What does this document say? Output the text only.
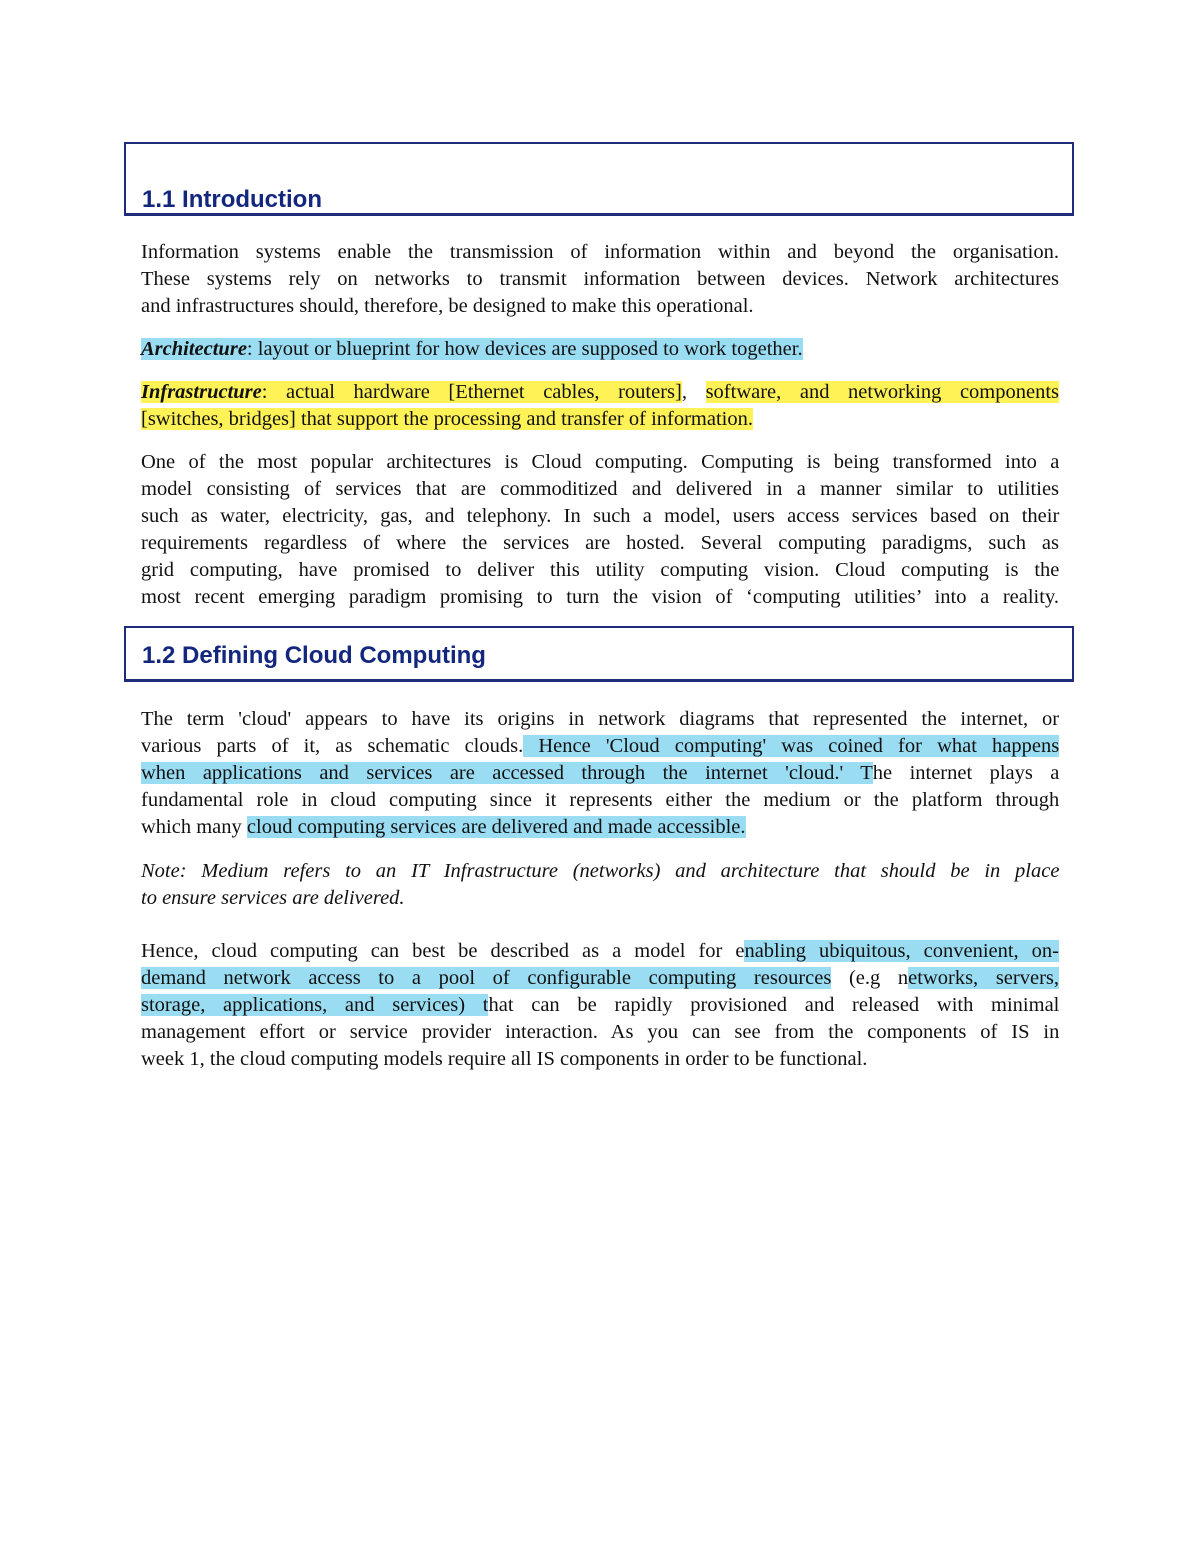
1.1 Introduction

Information systems enable the transmission of information within and beyond the organisation.
These systems rely on networks to transmit information between devices. Network architectures
and infrastructures should, therefore, be designed to make this operational.

Architecture: layout or blueprint for how devices are supposed to work together.

Infrastructure: actual hardware [Ethernet cables, routers], software, and networking components
[switches, bridges] that support the processing and transfer of information.

One of the most popular architectures is Cloud computing. Computing is being transformed into a
model consisting of services that are commoditized and delivered in a manner similar to utilities
such as water, electricity, gas, and telephony. In such a model, users access services based on their
requirements regardless of where the services are hosted. Several computing paradigms, such as
grid computing, have promised to deliver this utility computing vision. Cloud computing is the
most recent emerging paradigm promising to turn the vision of ‘computing utilities’ into a reality.

1.2 Defining Cloud Computing

The term 'cloud' appears to have its origins in network diagrams that represented the internet, or
various parts of it, as schematic clouds. Hence 'Cloud computing' was coined for what happens
when applications and services are accessed through the internet 'cloud.' The internet plays a
fundamental role in cloud computing since it represents either the medium or the platform through
which many cloud computing services are delivered and made accessible.

Note: Medium refers to an IT Infrastructure (networks) and architecture that should be in place
to ensure services are delivered.

Hence, cloud computing can best be described as a model for enabling ubiquitous, convenient, on-
demand network access to a pool of configurable computing resources (e.g networks, servers,
storage, applications, and services) that can be rapidly provisioned and released with minimal
management effort or service provider interaction. As you can see from the components of IS in
week 1, the cloud computing models require all IS components in order to be functional.
